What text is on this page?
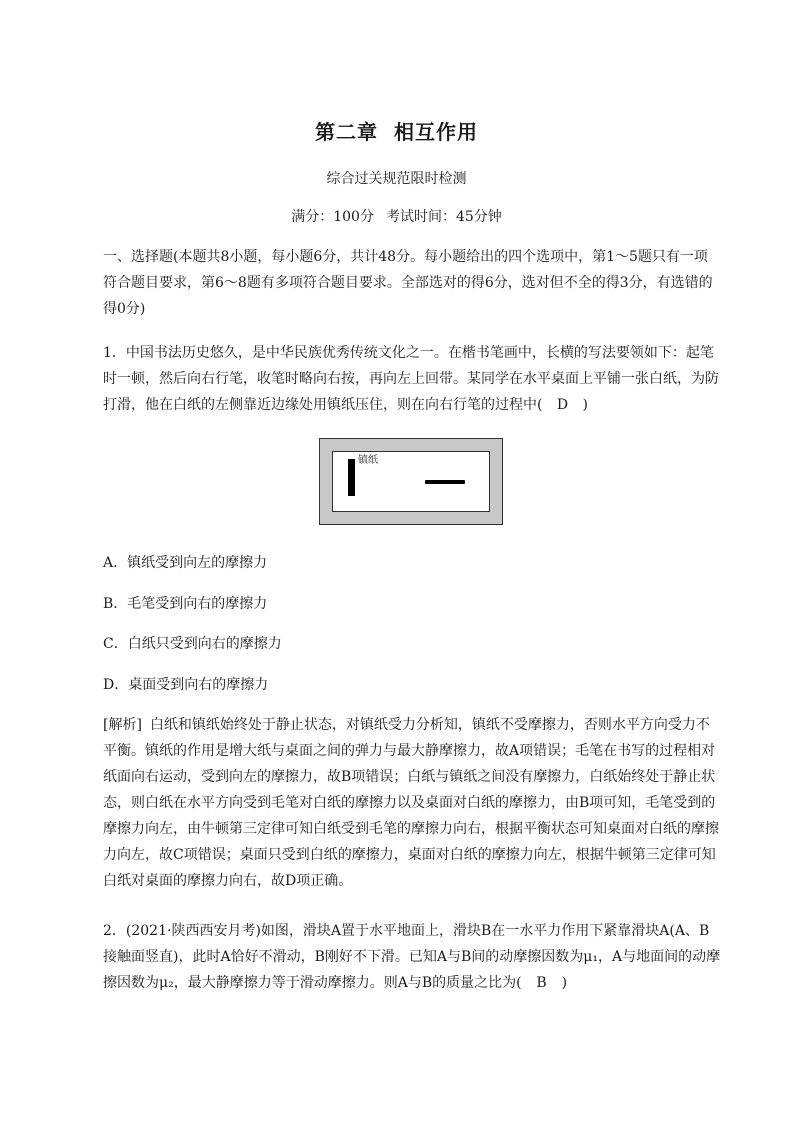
第二章 相互作用
综合过关规范限时检测
满分：100分 考试时间：45分钟
一、选择题(本题共8小题，每小题6分，共计48分。每小题给出的四个选项中，第1～5题只有一项符合题目要求，第6～8题有多项符合题目要求。全部选对的得6分，选对但不全的得3分，有选错的得0分)
1．中国书法历史悠久，是中华民族优秀传统文化之一。在楷书笔画中，长横的写法要领如下：起笔时一顿，然后向右行笔，收笔时略向右按，再向左上回带。某同学在水平桌面上平铺一张白纸，为防打滑，他在白纸的左侧靠近边缘处用镇纸压住，则在向右行笔的过程中( D )
镇纸
A．镇纸受到向左的摩擦力
B．毛笔受到向右的摩擦力
C．白纸只受到向右的摩擦力
D．桌面受到向右的摩擦力
[解析] 白纸和镇纸始终处于静止状态，对镇纸受力分析知，镇纸不受摩擦力，否则水平方向受力不平衡。镇纸的作用是增大纸与桌面之间的弹力与最大静摩擦力，故A项错误；毛笔在书写的过程相对纸面向右运动，受到向左的摩擦力，故B项错误；白纸与镇纸之间没有摩擦力，白纸始终处于静止状态，则白纸在水平方向受到毛笔对白纸的摩擦力以及桌面对白纸的摩擦力，由B项可知，毛笔受到的摩擦力向左，由牛顿第三定律可知白纸受到毛笔的摩擦力向右，根据平衡状态可知桌面对白纸的摩擦力向左，故C项错误；桌面只受到白纸的摩擦力，桌面对白纸的摩擦力向左，根据牛顿第三定律可知白纸对桌面的摩擦力向右，故D项正确。
2．(2021·陕西西安月考)如图，滑块A置于水平地面上，滑块B在一水平力作用下紧靠滑块A(A、B接触面竖直)，此时A恰好不滑动，B刚好不下滑。已知A与B间的动摩擦因数为μ₁，A与地面间的动摩擦因数为μ₂，最大静摩擦力等于滑动摩擦力。则A与B的质量之比为( B )
